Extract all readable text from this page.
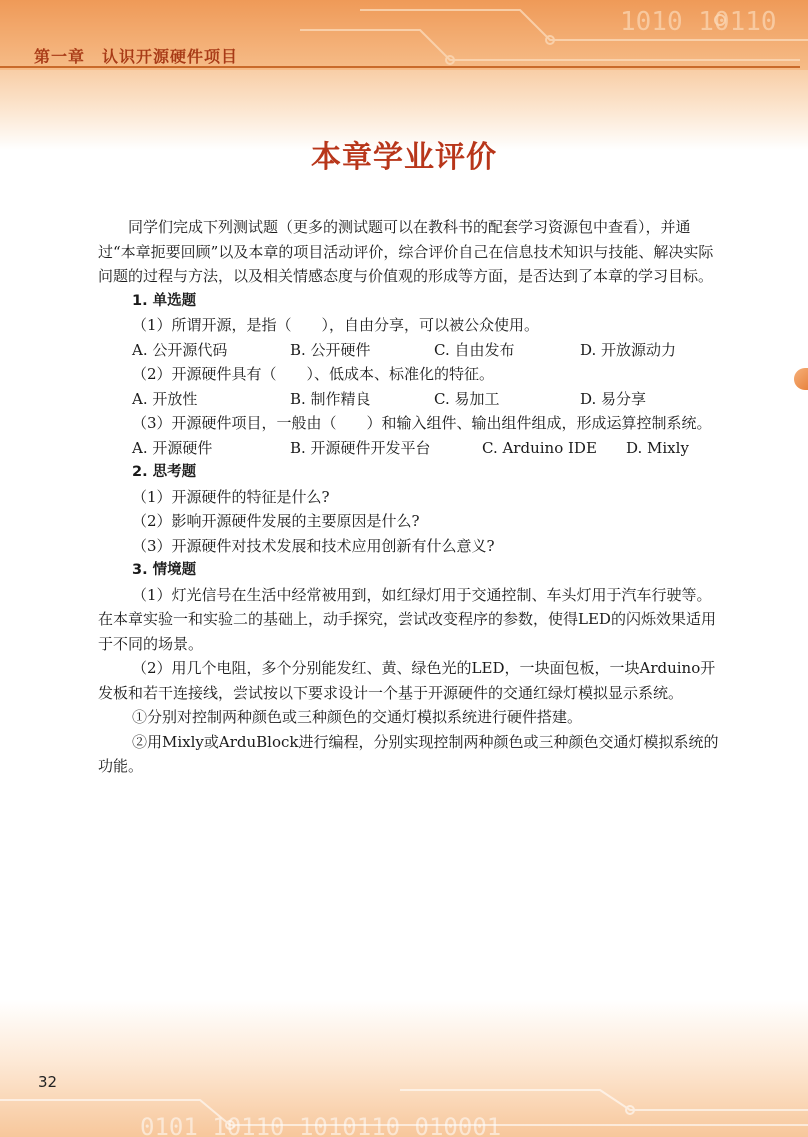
1010 10110
第一章　认识开源硬件项目
本章学业评价

同学们完成下列测试题（更多的测试题可以在教科书的配套学习资源包中查看），并通过“本章扼要回顾”以及本章的项目活动评价，综合评价自己在信息技术知识与技能、解决实际问题的过程与方法，以及相关情感态度与价值观的形成等方面，是否达到了本章的学习目标。

1. 单选题

（1）所谓开源，是指（　　），自由分享，可以被公众使用。

A. 公开源代码	B. 公开硬件	C. 自由发布	D. 开放源动力

（2）开源硬件具有（　　）、低成本、标准化的特征。

A. 开放性	B. 制作精良	C. 易加工	D. 易分享

（3）开源硬件项目，一般由（　　）和输入组件、输出组件组成，形成运算控制系统。

A. 开源硬件	B. 开源硬件开发平台	C. Arduino IDE	D. Mixly

2. 思考题

（1）开源硬件的特征是什么?

（2）影响开源硬件发展的主要原因是什么?

（3）开源硬件对技术发展和技术应用创新有什么意义?

3. 情境题

（1）灯光信号在生活中经常被用到，如红绿灯用于交通控制、车头灯用于汽车行驶等。在本章实验一和实验二的基础上，动手探究，尝试改变程序的参数，使得LED的闪烁效果适用于不同的场景。

（2）用几个电阻，多个分别能发红、黄、绿色光的LED，一块面包板，一块Arduino开发板和若干连接线，尝试按以下要求设计一个基于开源硬件的交通红绿灯模拟显示系统。

①分别对控制两种颜色或三种颜色的交通灯模拟系统进行硬件搭建。

②用Mixly或ArduBlock进行编程，分别实现控制两种颜色或三种颜色交通灯模拟系统的功能。

0101 10110 1010110 010001
32
